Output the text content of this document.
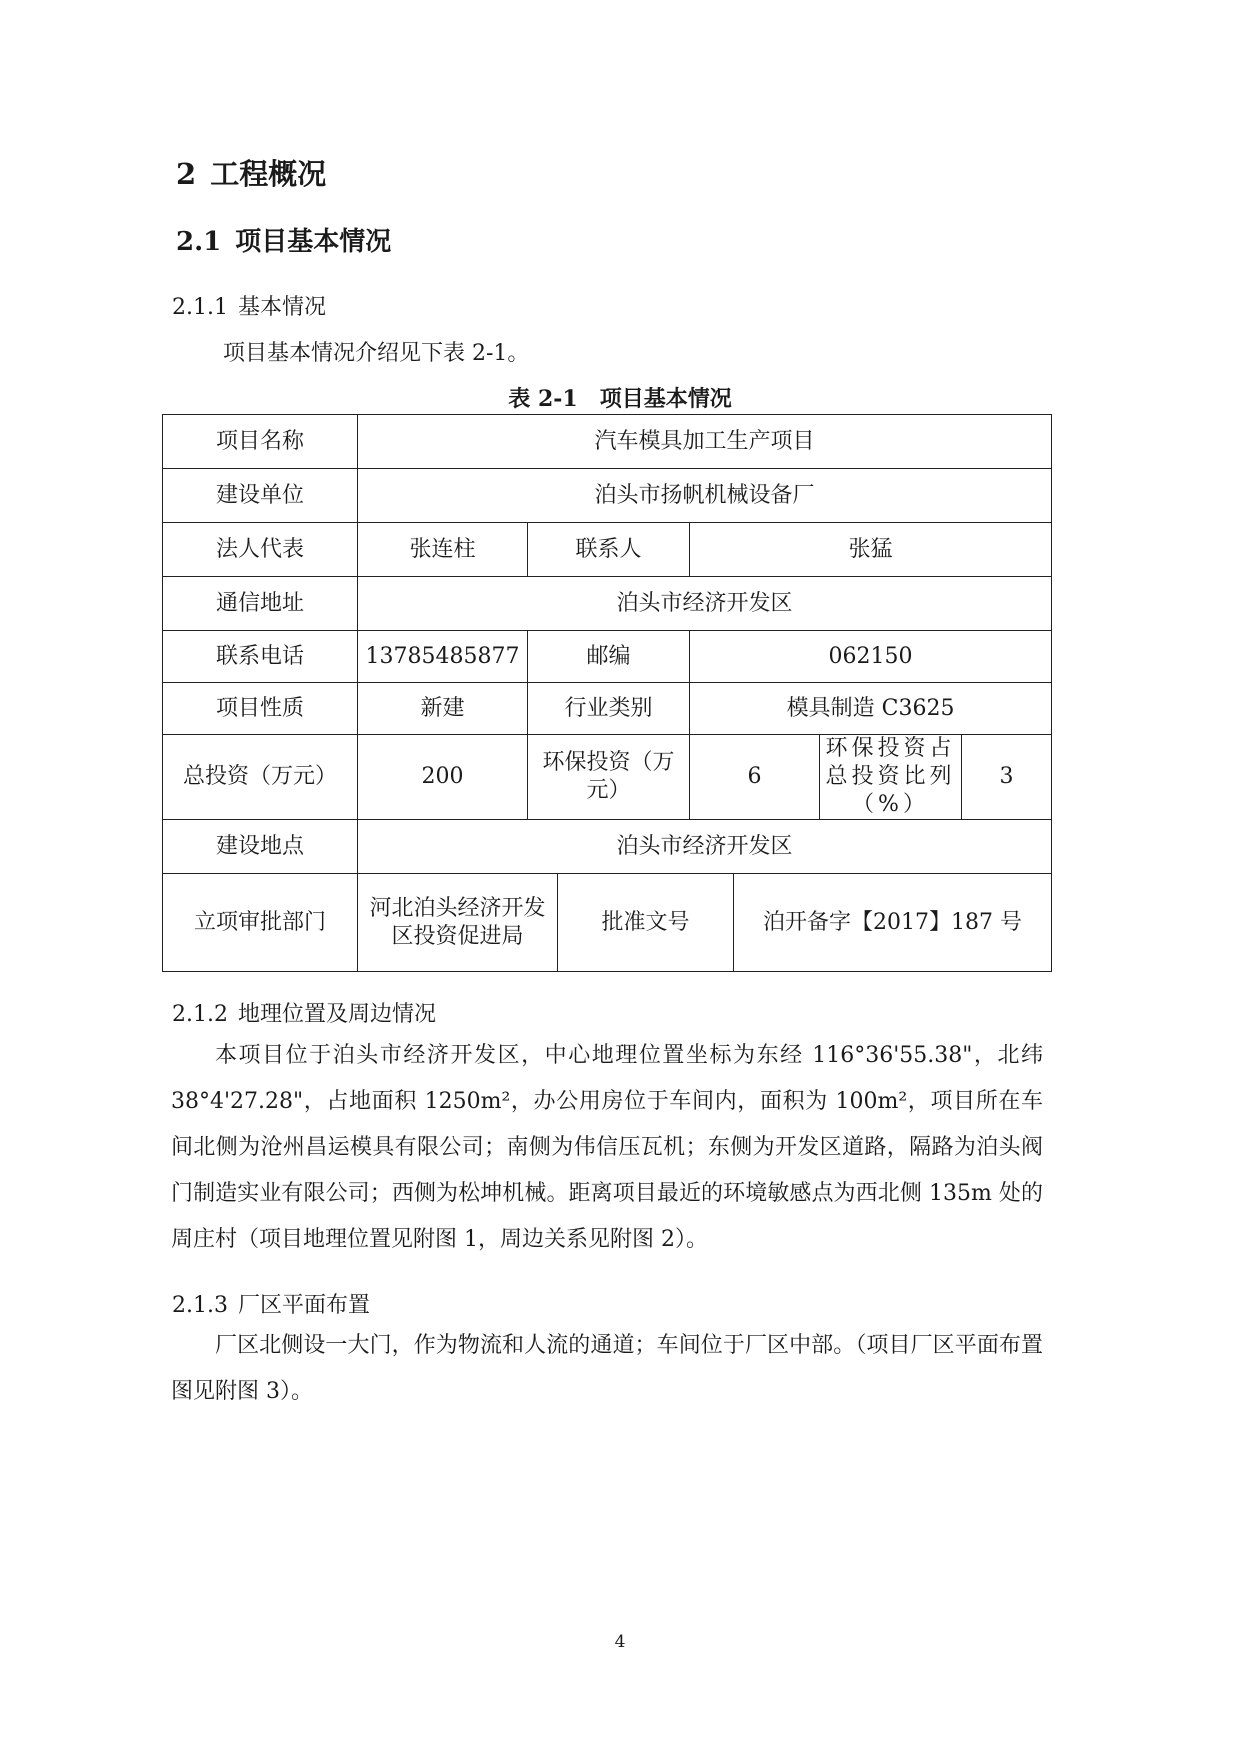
2 工程概况
2.1 项目基本情况
2.1.1 基本情况
项目基本情况介绍见下表 2-1。
表 2-1 项目基本情况
项目名称	汽车模具加工生产项目						
建设单位	泊头市扬帆机械设备厂						
法人代表	张连柱	联系人		张猛			
通信地址	泊头市经济开发区						
联系电话	13785485877	邮编		062150			
项目性质	新建	行业类别		模具制造 C3625			
总投资（万元）	200	环保投资（万元）		6		环保投资占总投资比列（%）	3
建设地点	泊头市经济开发区						
立项审批部门	河北泊头经济开发区投资促进局		批准文号		泊开备字【2017】187 号		
2.1.2 地理位置及周边情况
本项目位于泊头市经济开发区，中心地理位置坐标为东经 116°36'55.38"，北纬 38°4'27.28"，占地面积 1250m²，办公用房位于车间内，面积为 100m²，项目所在车间北侧为沧州昌运模具有限公司；南侧为伟信压瓦机；东侧为开发区道路，隔路为泊头阀门制造实业有限公司；西侧为松坤机械。距离项目最近的环境敏感点为西北侧 135m 处的周庄村（项目地理位置见附图 1，周边关系见附图 2）。
2.1.3 厂区平面布置
厂区北侧设一大门，作为物流和人流的通道；车间位于厂区中部。（项目厂区平面布置图见附图 3）。
4
